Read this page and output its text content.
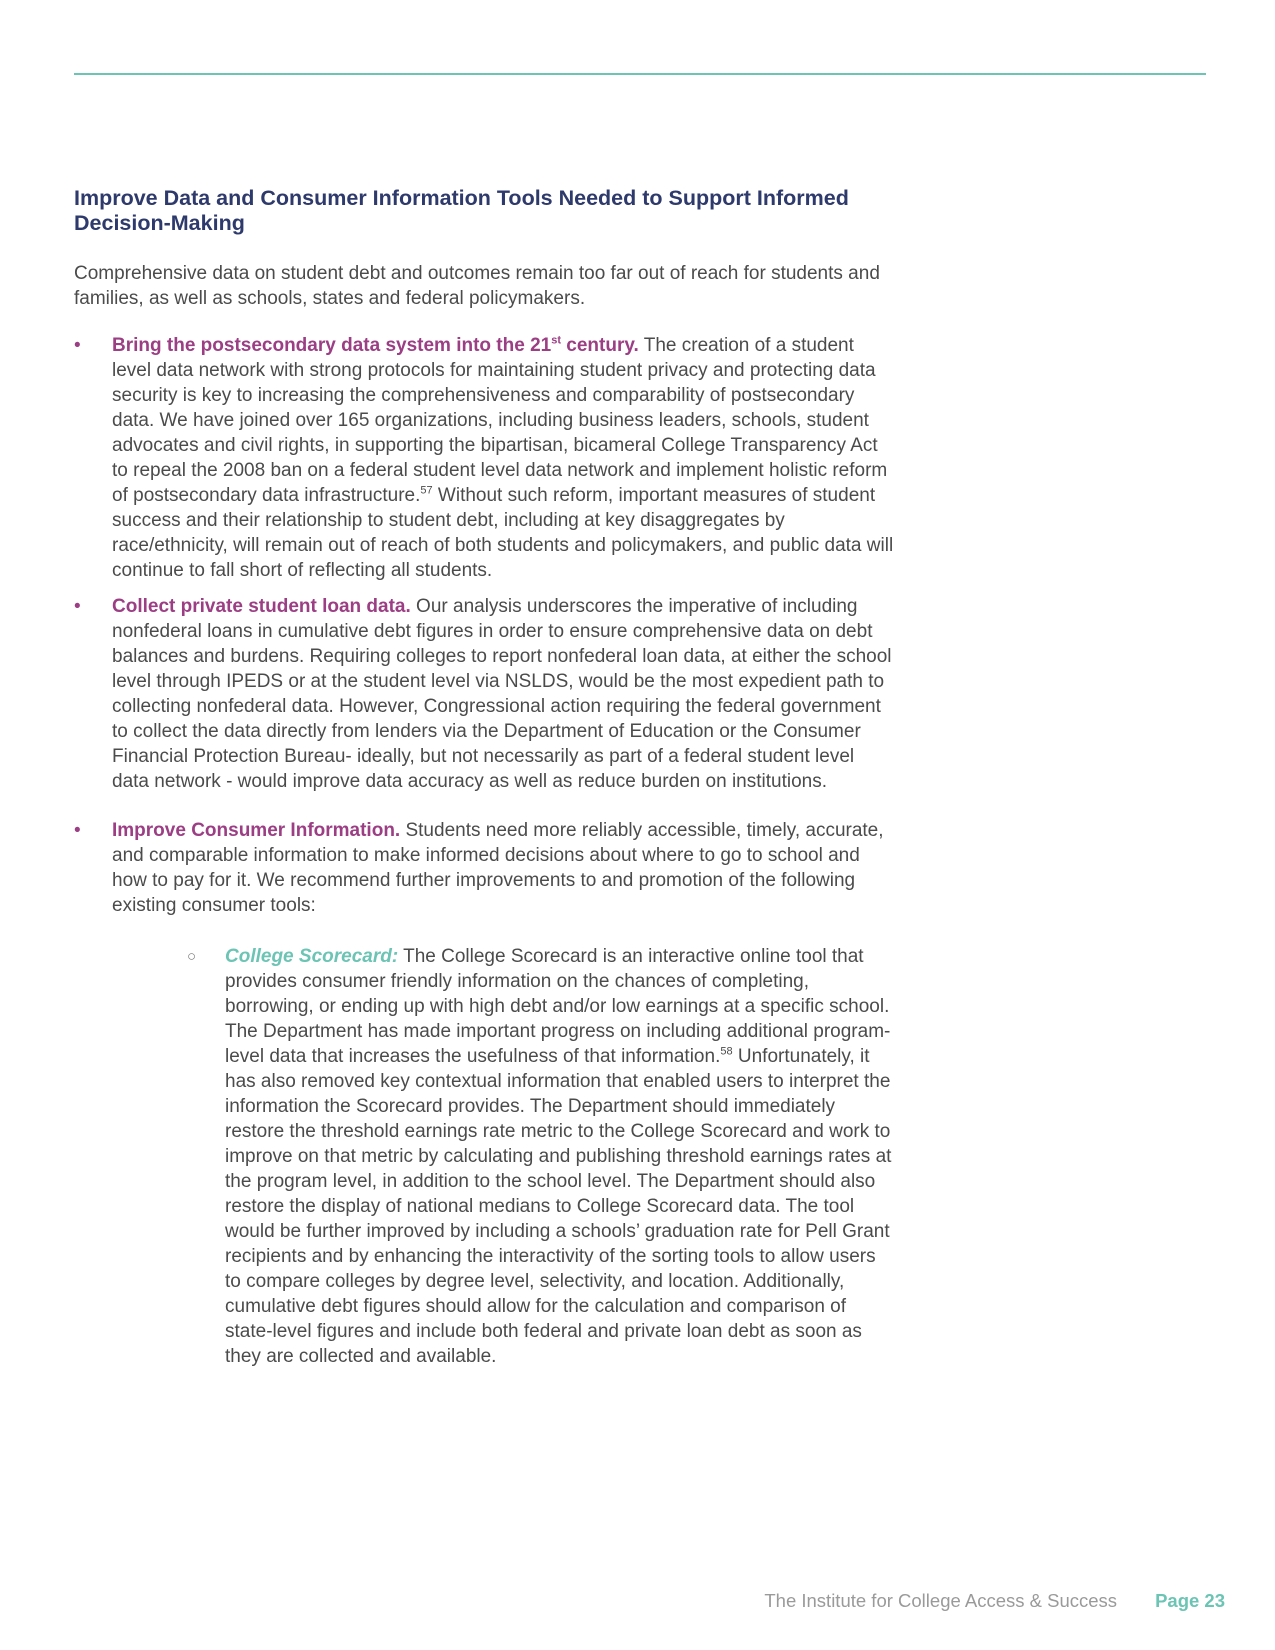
Improve Data and Consumer Information Tools Needed to Support Informed Decision-Making

Comprehensive data on student debt and outcomes remain too far out of reach for students and families, as well as schools, states and federal policymakers.

• Bring the postsecondary data system into the 21st century. The creation of a student level data network with strong protocols for maintaining student privacy and protecting data security is key to increasing the comprehensiveness and comparability of postsecondary data. We have joined over 165 organizations, including business leaders, schools, student advocates and civil rights, in supporting the bipartisan, bicameral College Transparency Act to repeal the 2008 ban on a federal student level data network and implement holistic reform of postsecondary data infrastructure.$^{57}$ Without such reform, important measures of student success and their relationship to student debt, including at key disaggregates by race/ethnicity, will remain out of reach of both students and policymakers, and public data will continue to fall short of reflecting all students.
• Collect private student loan data. Our analysis underscores the imperative of including nonfederal loans in cumulative debt figures in order to ensure comprehensive data on debt balances and burdens. Requiring colleges to report nonfederal loan data, at either the school level through IPEDS or at the student level via NSLDS, would be the most expedient path to collecting nonfederal data. However, Congressional action requiring the federal government to collect the data directly from lenders via the Department of Education or the Consumer Financial Protection Bureau- ideally, but not necessarily as part of a federal student level data network - would improve data accuracy as well as reduce burden on institutions.
• Improve Consumer Information. Students need more reliably accessible, timely, accurate, and comparable information to make informed decisions about where to go to school and how to pay for it. We recommend further improvements to and promotion of the following existing consumer tools:
○ College Scorecard: The College Scorecard is an interactive online tool that provides consumer friendly information on the chances of completing, borrowing, or ending up with high debt and/or low earnings at a specific school. The Department has made important progress on including additional program-level data that increases the usefulness of that information.$^{58}$ Unfortunately, it has also removed key contextual information that enabled users to interpret the information the Scorecard provides. The Department should immediately restore the threshold earnings rate metric to the College Scorecard and work to improve on that metric by calculating and publishing threshold earnings rates at the program level, in addition to the school level. The Department should also restore the display of national medians to College Scorecard data. The tool would be further improved by including a schools’ graduation rate for Pell Grant recipients and by enhancing the interactivity of the sorting tools to allow users to compare colleges by degree level, selectivity, and location. Additionally, cumulative debt figures should allow for the calculation and comparison of state-level figures and include both federal and private loan debt as soon as they are collected and available.
The Institute for College Access & Success Page 23
